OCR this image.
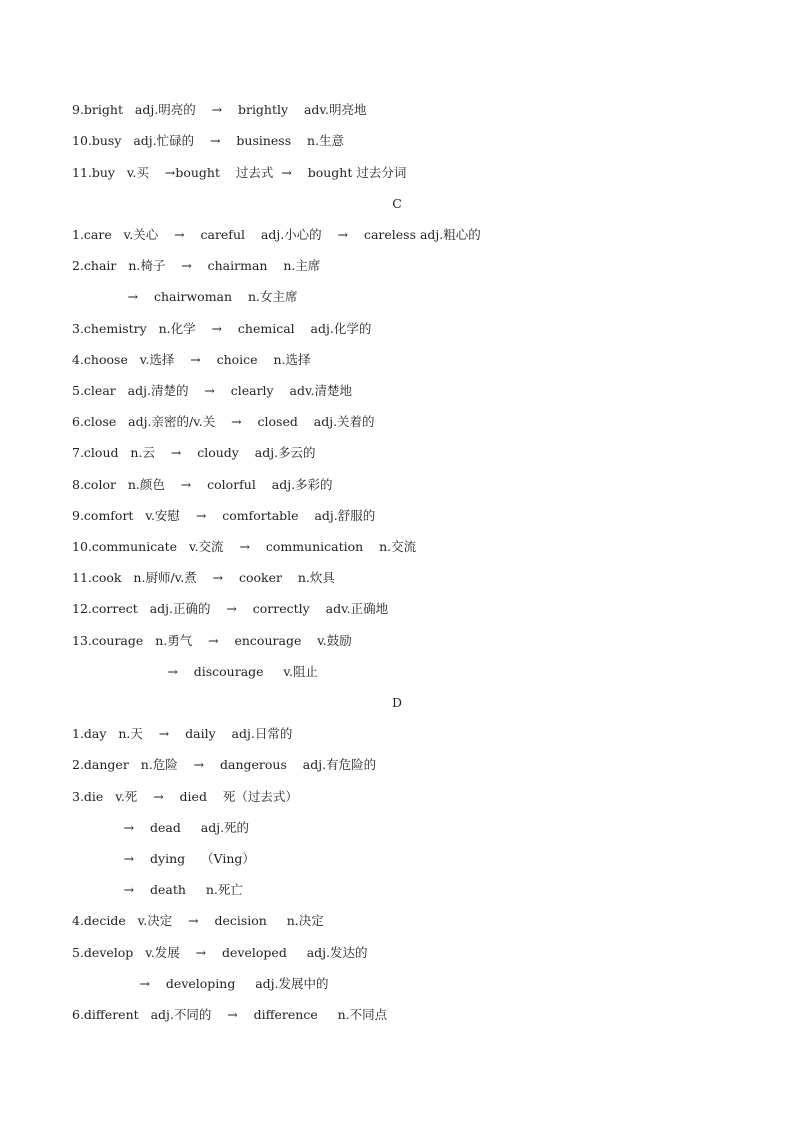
9.bright   adj.明亮的    →    brightly    adv.明亮地
10.busy   adj.忙碌的    →    business    n.生意
11.buy   v.买    →bought    过去式  →    bought 过去分词
C
1.care   v.关心    →    careful    adj.小心的    →    careless adj.粗心的
2.chair   n.椅子    →    chairman    n.主席
→    chairwoman    n.女主席
3.chemistry   n.化学    →    chemical    adj.化学的
4.choose   v.选择    →    choice    n.选择
5.clear   adj.清楚的    →    clearly    adv.清楚地
6.close   adj.亲密的/v.关    →    closed    adj.关着的
7.cloud   n.云    →    cloudy    adj.多云的
8.color   n.颜色    →    colorful    adj.多彩的
9.comfort   v.安慰    →    comfortable    adj.舒服的
10.communicate   v.交流    →    communication    n.交流
11.cook   n.厨师/v.煮    →    cooker    n.炊具
12.correct   adj.正确的    →    correctly    adv.正确地
13.courage   n.勇气    →    encourage    v.鼓励
→    discourage     v.阻止
D
1.day   n.天    →    daily    adj.日常的
2.danger   n.危险    →    dangerous    adj.有危险的
3.die   v.死    →    died    死（过去式）
→    dead     adj.死的
→    dying    （Ving）
→    death     n.死亡
4.decide   v.决定    →    decision     n.决定
5.develop   v.发展    →    developed     adj.发达的
→    developing     adj.发展中的
6.different   adj.不同的    →    difference     n.不同点
